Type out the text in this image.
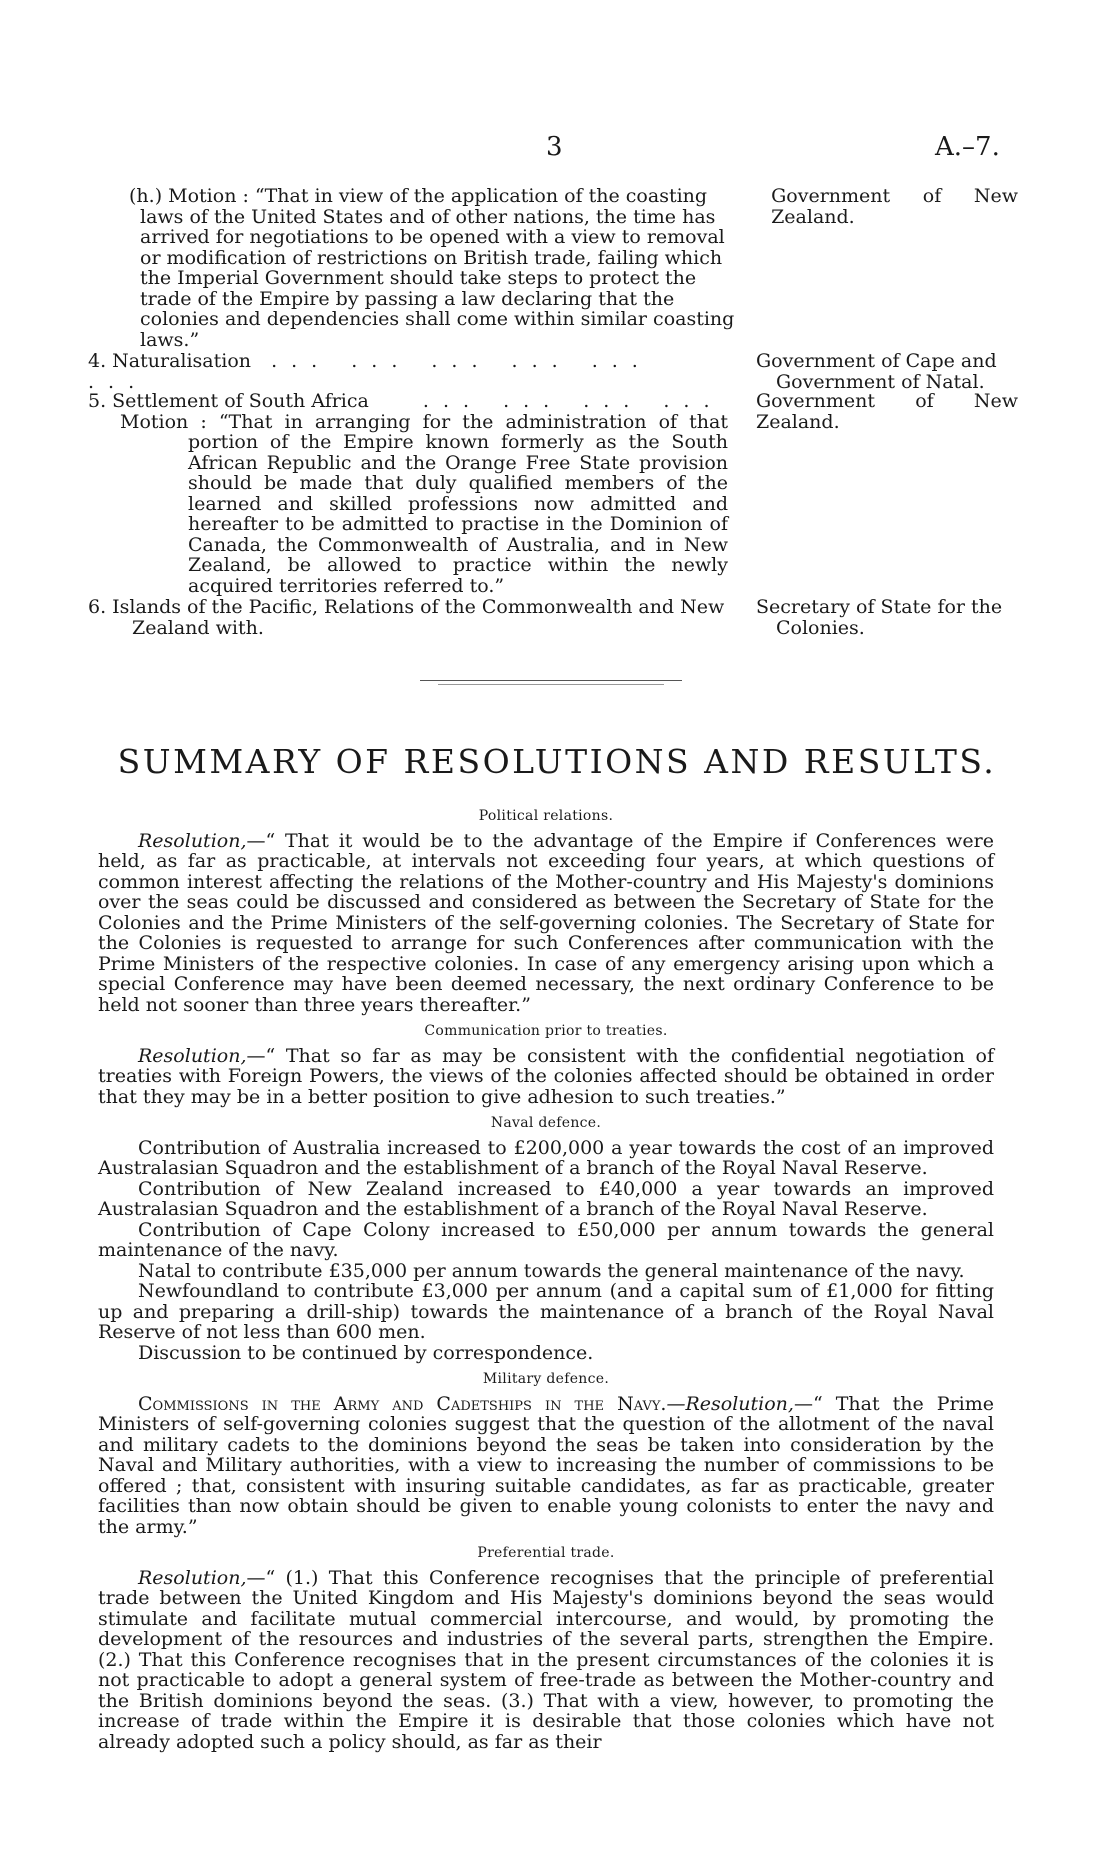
3	A.–7.
(h.) Motion : “That in view of the application of the coasting laws of the United States and of other nations, the time has arrived for negotiations to be opened with a view to removal or modification of restrictions on British trade, failing which the Imperial Government should take steps to protect the trade of the Empire by passing a law declaring that the colonies and dependencies shall come within similar coasting laws.”
Government of New Zealand.
4. Naturalisation ... ... ... ... ... ...
Government of Cape and
Government of Natal.
5. Settlement of South Africa	... ... ... ...
Motion : “That in arranging for the administration of that portion of the Empire known formerly as the South African Republic and the Orange Free State provision should be made that duly qualified members of the learned and skilled professions now admitted and hereafter to be admitted to practise in the Dominion of Canada, the Commonwealth of Australia, and in New Zealand, be allowed to practice within the newly acquired territories referred to.”
Government of New Zealand.
6. Islands of the Pacific, Relations of the Commonwealth and New
Zealand with.
Secretary of State for the
Colonies.
SUMMARY OF RESOLUTIONS AND RESULTS.

Political relations.

Resolution,—“ That it would be to the advantage of the Empire if Conferences were held, as far as practicable, at intervals not exceeding four years, at which questions of common interest affecting the relations of the Mother-country and His Majesty's dominions over the seas could be discussed and considered as between the Secretary of State for the Colonies and the Prime Ministers of the self-governing colonies. The Secretary of State for the Colonies is requested to arrange for such Conferences after communication with the Prime Ministers of the respective colonies. In case of any emergency arising upon which a special Conference may have been deemed necessary, the next ordinary Conference to be held not sooner than three years thereafter.”

Communication prior to treaties.

Resolution,—“ That so far as may be consistent with the confidential negotiation of treaties with Foreign Powers, the views of the colonies affected should be obtained in order that they may be in a better position to give adhesion to such treaties.”

Naval defence.

Contribution of Australia increased to £200,000 a year towards the cost of an improved Australasian Squadron and the establishment of a branch of the Royal Naval Reserve.

Contribution of New Zealand increased to £40,000 a year towards an improved Australasian Squadron and the establishment of a branch of the Royal Naval Reserve.

Contribution of Cape Colony increased to £50,000 per annum towards the general maintenance of the navy.

Natal to contribute £35,000 per annum towards the general maintenance of the navy.

Newfoundland to contribute £3,000 per annum (and a capital sum of £1,000 for fitting up and preparing a drill-ship) towards the maintenance of a branch of the Royal Naval Reserve of not less than 600 men.

Discussion to be continued by correspondence.

Military defence.

Commissions in the Army and Cadetships in the Navy.—Resolution,—“ That the Prime Ministers of self-governing colonies suggest that the question of the allotment of the naval and military cadets to the dominions beyond the seas be taken into consideration by the Naval and Military authorities, with a view to increasing the number of commissions to be offered ; that, consistent with insuring suitable candidates, as far as practicable, greater facilities than now obtain should be given to enable young colonists to enter the navy and the army.”

Preferential trade.

Resolution,—“ (1.) That this Conference recognises that the principle of preferential trade between the United Kingdom and His Majesty's dominions beyond the seas would stimulate and facilitate mutual commercial intercourse, and would, by promoting the development of the resources and industries of the several parts, strengthen the Empire. (2.) That this Conference recognises that in the present circumstances of the colonies it is not practicable to adopt a general system of free-trade as between the Mother-country and the British dominions beyond the seas. (3.) That with a view, however, to promoting the increase of trade within the Empire it is desirable that those colonies which have not already adopted such a policy should, as far as their
